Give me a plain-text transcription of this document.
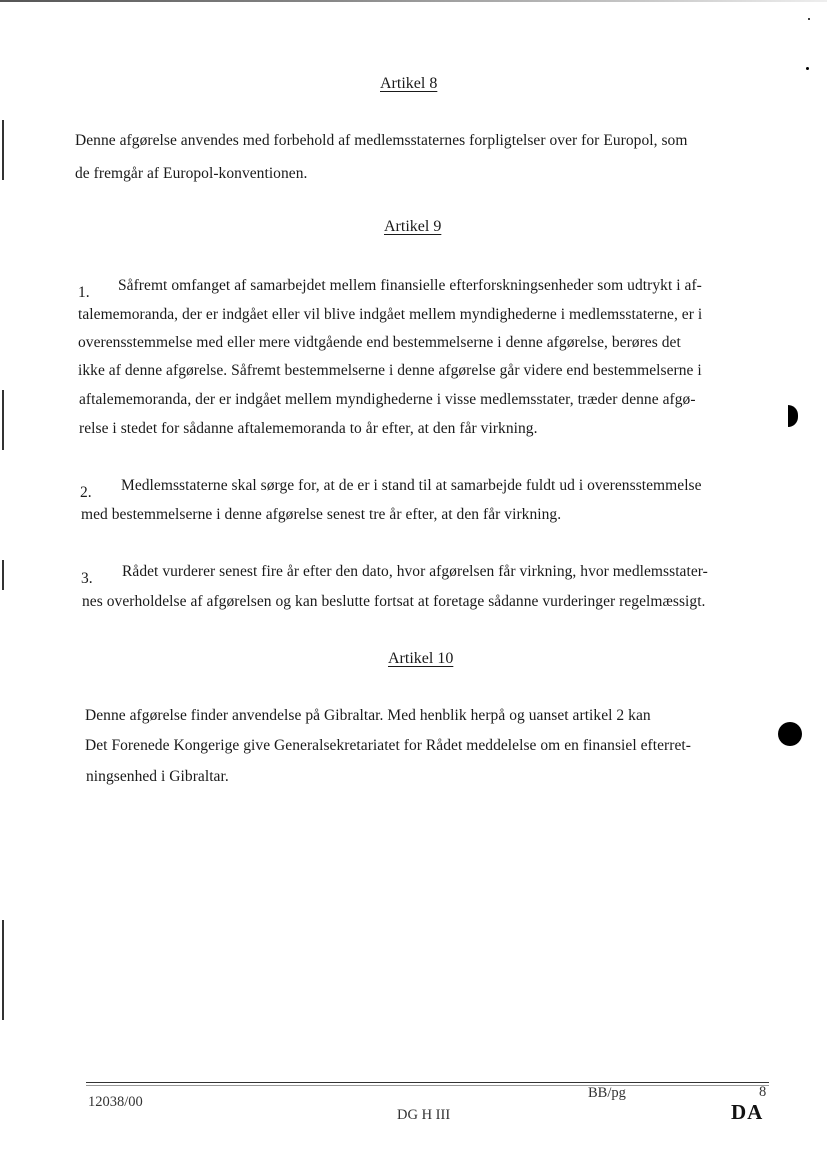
Artikel 8
Denne afgørelse anvendes med forbehold af medlemsstaternes forpligtelser over for Europol, som
de fremgår af Europol-konventionen.
Artikel 9
1. Såfremt omfanget af samarbejdet mellem finansielle efterforskningsenheder som udtrykt i af-
talememoranda, der er indgået eller vil blive indgået mellem myndighederne i medlemsstaterne, er i
overensstemmelse med eller mere vidtgående end bestemmelserne i denne afgørelse, berøres det
ikke af denne afgørelse. Såfremt bestemmelserne i denne afgørelse går videre end bestemmelserne i
aftalememoranda, der er indgået mellem myndighederne i visse medlemsstater, træder denne afgø-
relse i stedet for sådanne aftalememoranda to år efter, at den får virkning.
2. Medlemsstaterne skal sørge for, at de er i stand til at samarbejde fuldt ud i overensstemmelse
med bestemmelserne i denne afgørelse senest tre år efter, at den får virkning.
3. Rådet vurderer senest fire år efter den dato, hvor afgørelsen får virkning, hvor medlemsstater-
nes overholdelse af afgørelsen og kan beslutte fortsat at foretage sådanne vurderinger regelmæssigt.
Artikel 10
Denne afgørelse finder anvendelse på Gibraltar. Med henblik herpå og uanset artikel 2 kan
Det Forenede Kongerige give Generalsekretariatet for Rådet meddelelse om en finansiel efterret-
ningsenhed i Gibraltar.
12038/00
BB/pg	8
DG H III	DA
